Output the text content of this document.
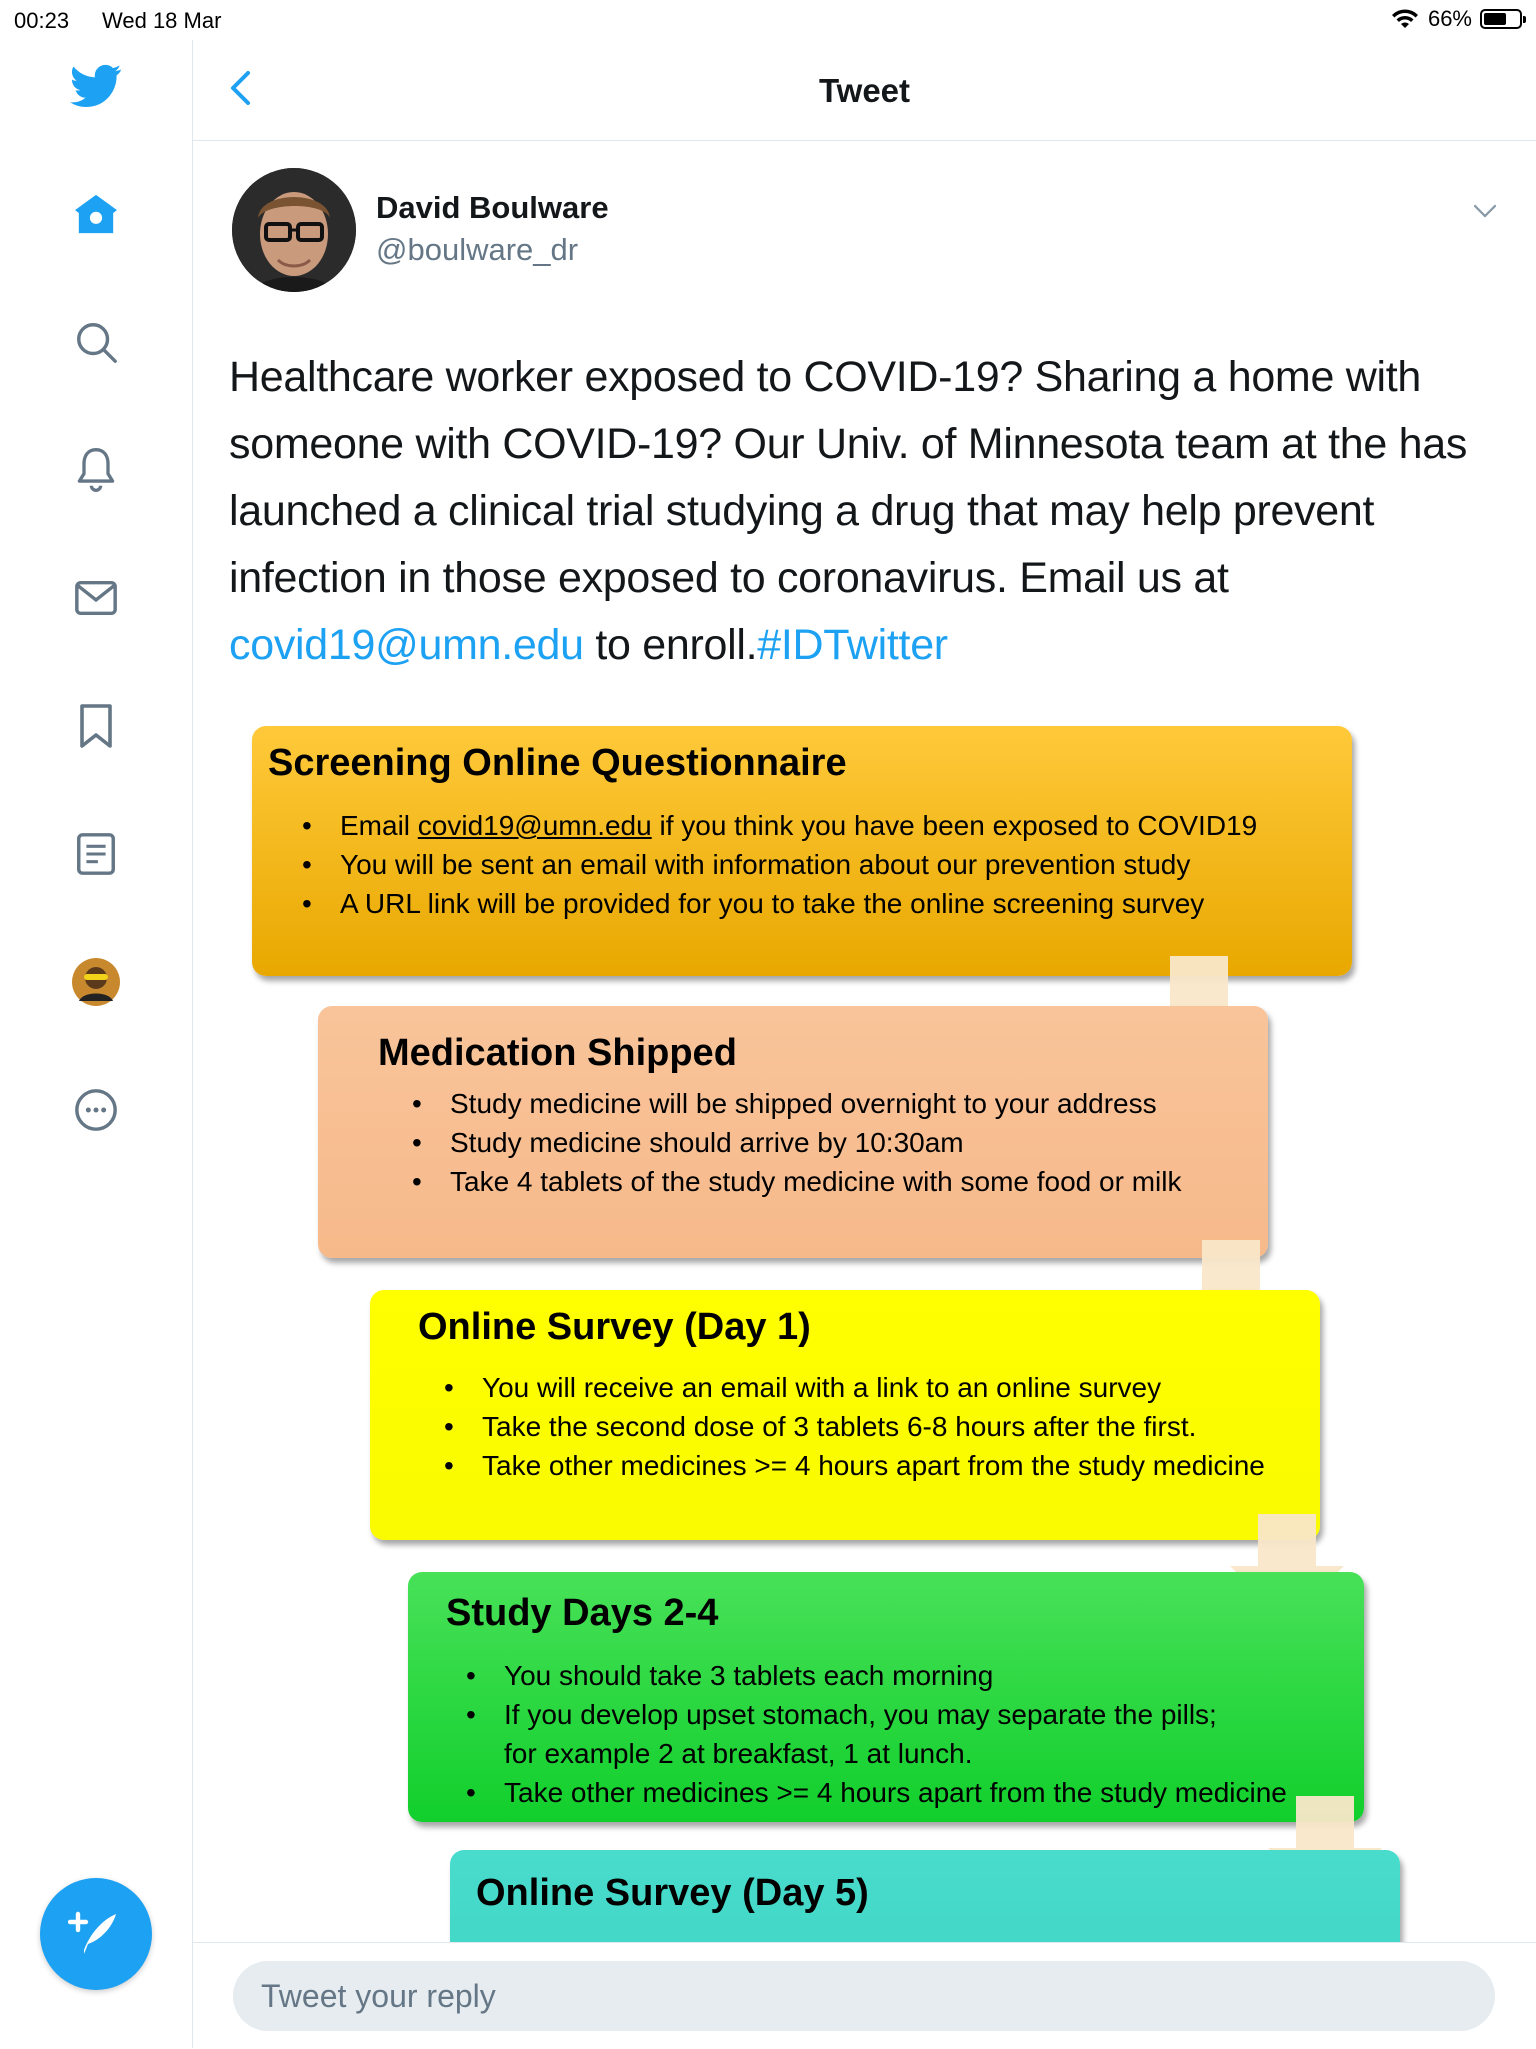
00:23 Wed 18 Mar	66%
Tweet
David Boulware
@boulware_dr
Healthcare worker exposed to COVID-19? Sharing a home with someone with COVID-19? Our Univ. of Minnesota team at the has launched a clinical trial studying a drug that may help prevent infection in those exposed to coronavirus. Email us at covid19@umn.edu to enroll.#IDTwitter
Screening Online Questionnaire
• Email covid19@umn.edu if you think you have been exposed to COVID19
• You will be sent an email with information about our prevention study
• A URL link will be provided for you to take the online screening survey
Medication Shipped
• Study medicine will be shipped overnight to your address
• Study medicine should arrive by 10:30am
• Take 4 tablets of the study medicine with some food or milk
Online Survey (Day 1)
• You will receive an email with a link to an online survey
• Take the second dose of 3 tablets 6-8 hours after the first.
• Take other medicines >= 4 hours apart from the study medicine
Study Days 2-4
• You should take 3 tablets each morning
• If you develop upset stomach, you may separate the pills; for example 2 at breakfast, 1 at lunch.
• Take other medicines >= 4 hours apart from the study medicine
Online Survey (Day 5)
Tweet your reply
